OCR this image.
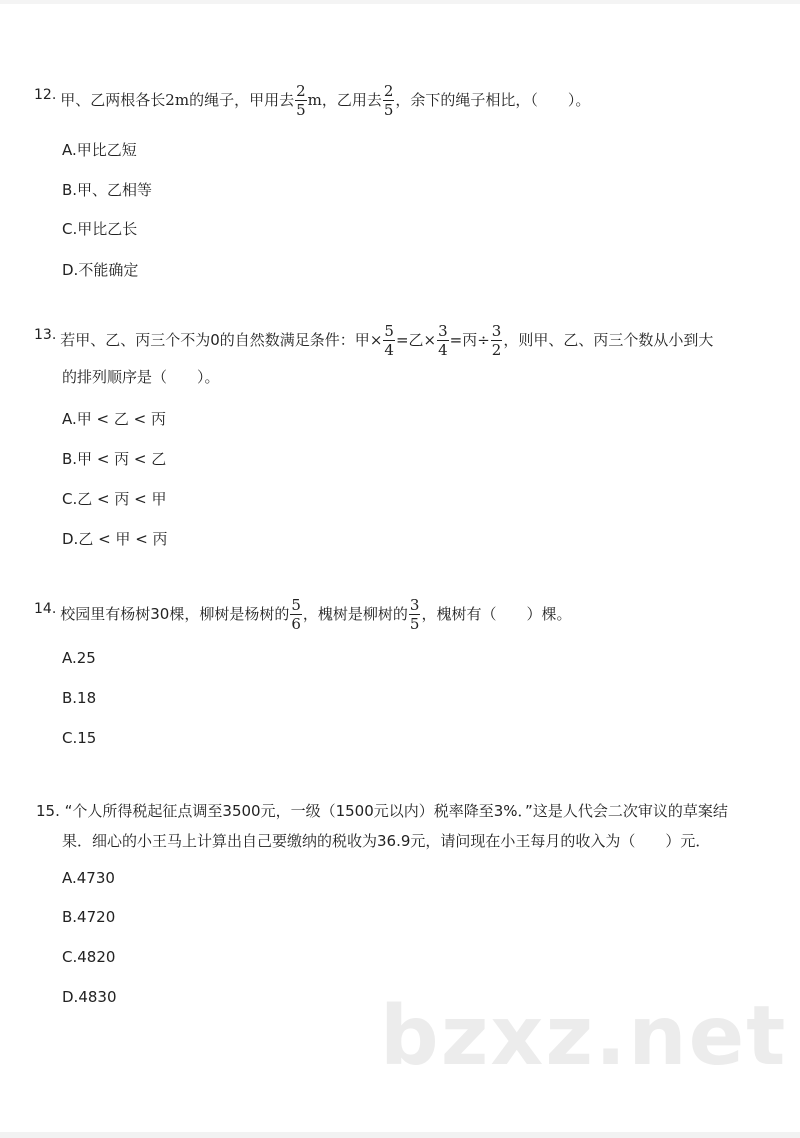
12. 甲、乙两根各长2m的绳子，甲用去 $\frac{2}{5}$ m，乙用去 $\frac{2}{5}$ ，余下的绳子相比，（　　）。
A.甲比乙短
B.甲、乙相等
C.甲比乙长
D.不能确定
13. 若甲、乙、丙三个不为0的自然数满足条件：甲× $\frac{5}{4}$ =乙× $\frac{3}{4}$ =丙÷ $\frac{3}{2}$ ，则甲、乙、丙三个数从小到大
的排列顺序是（　　）。
A.甲 < 乙 < 丙
B.甲 < 丙 < 乙
C.乙 < 丙 < 甲
D.乙 < 甲 < 丙
14. 校园里有杨树30棵，柳树是杨树的 $\frac{5}{6}$ ，槐树是柳树的 $\frac{3}{5}$ ，槐树有（　　）棵。
A.25
B.18
C.15
15. “个人所得税起征点调至3500元，一级（1500元以内）税率降至3%．”这是人代会二次审议的草案结
果．细心的小王马上计算出自己要缴纳的税收为36.9元，请问现在小王每月的收入为（　　）元．
A.4730
B.4720
C.4820
D.4830	bzxz.net
